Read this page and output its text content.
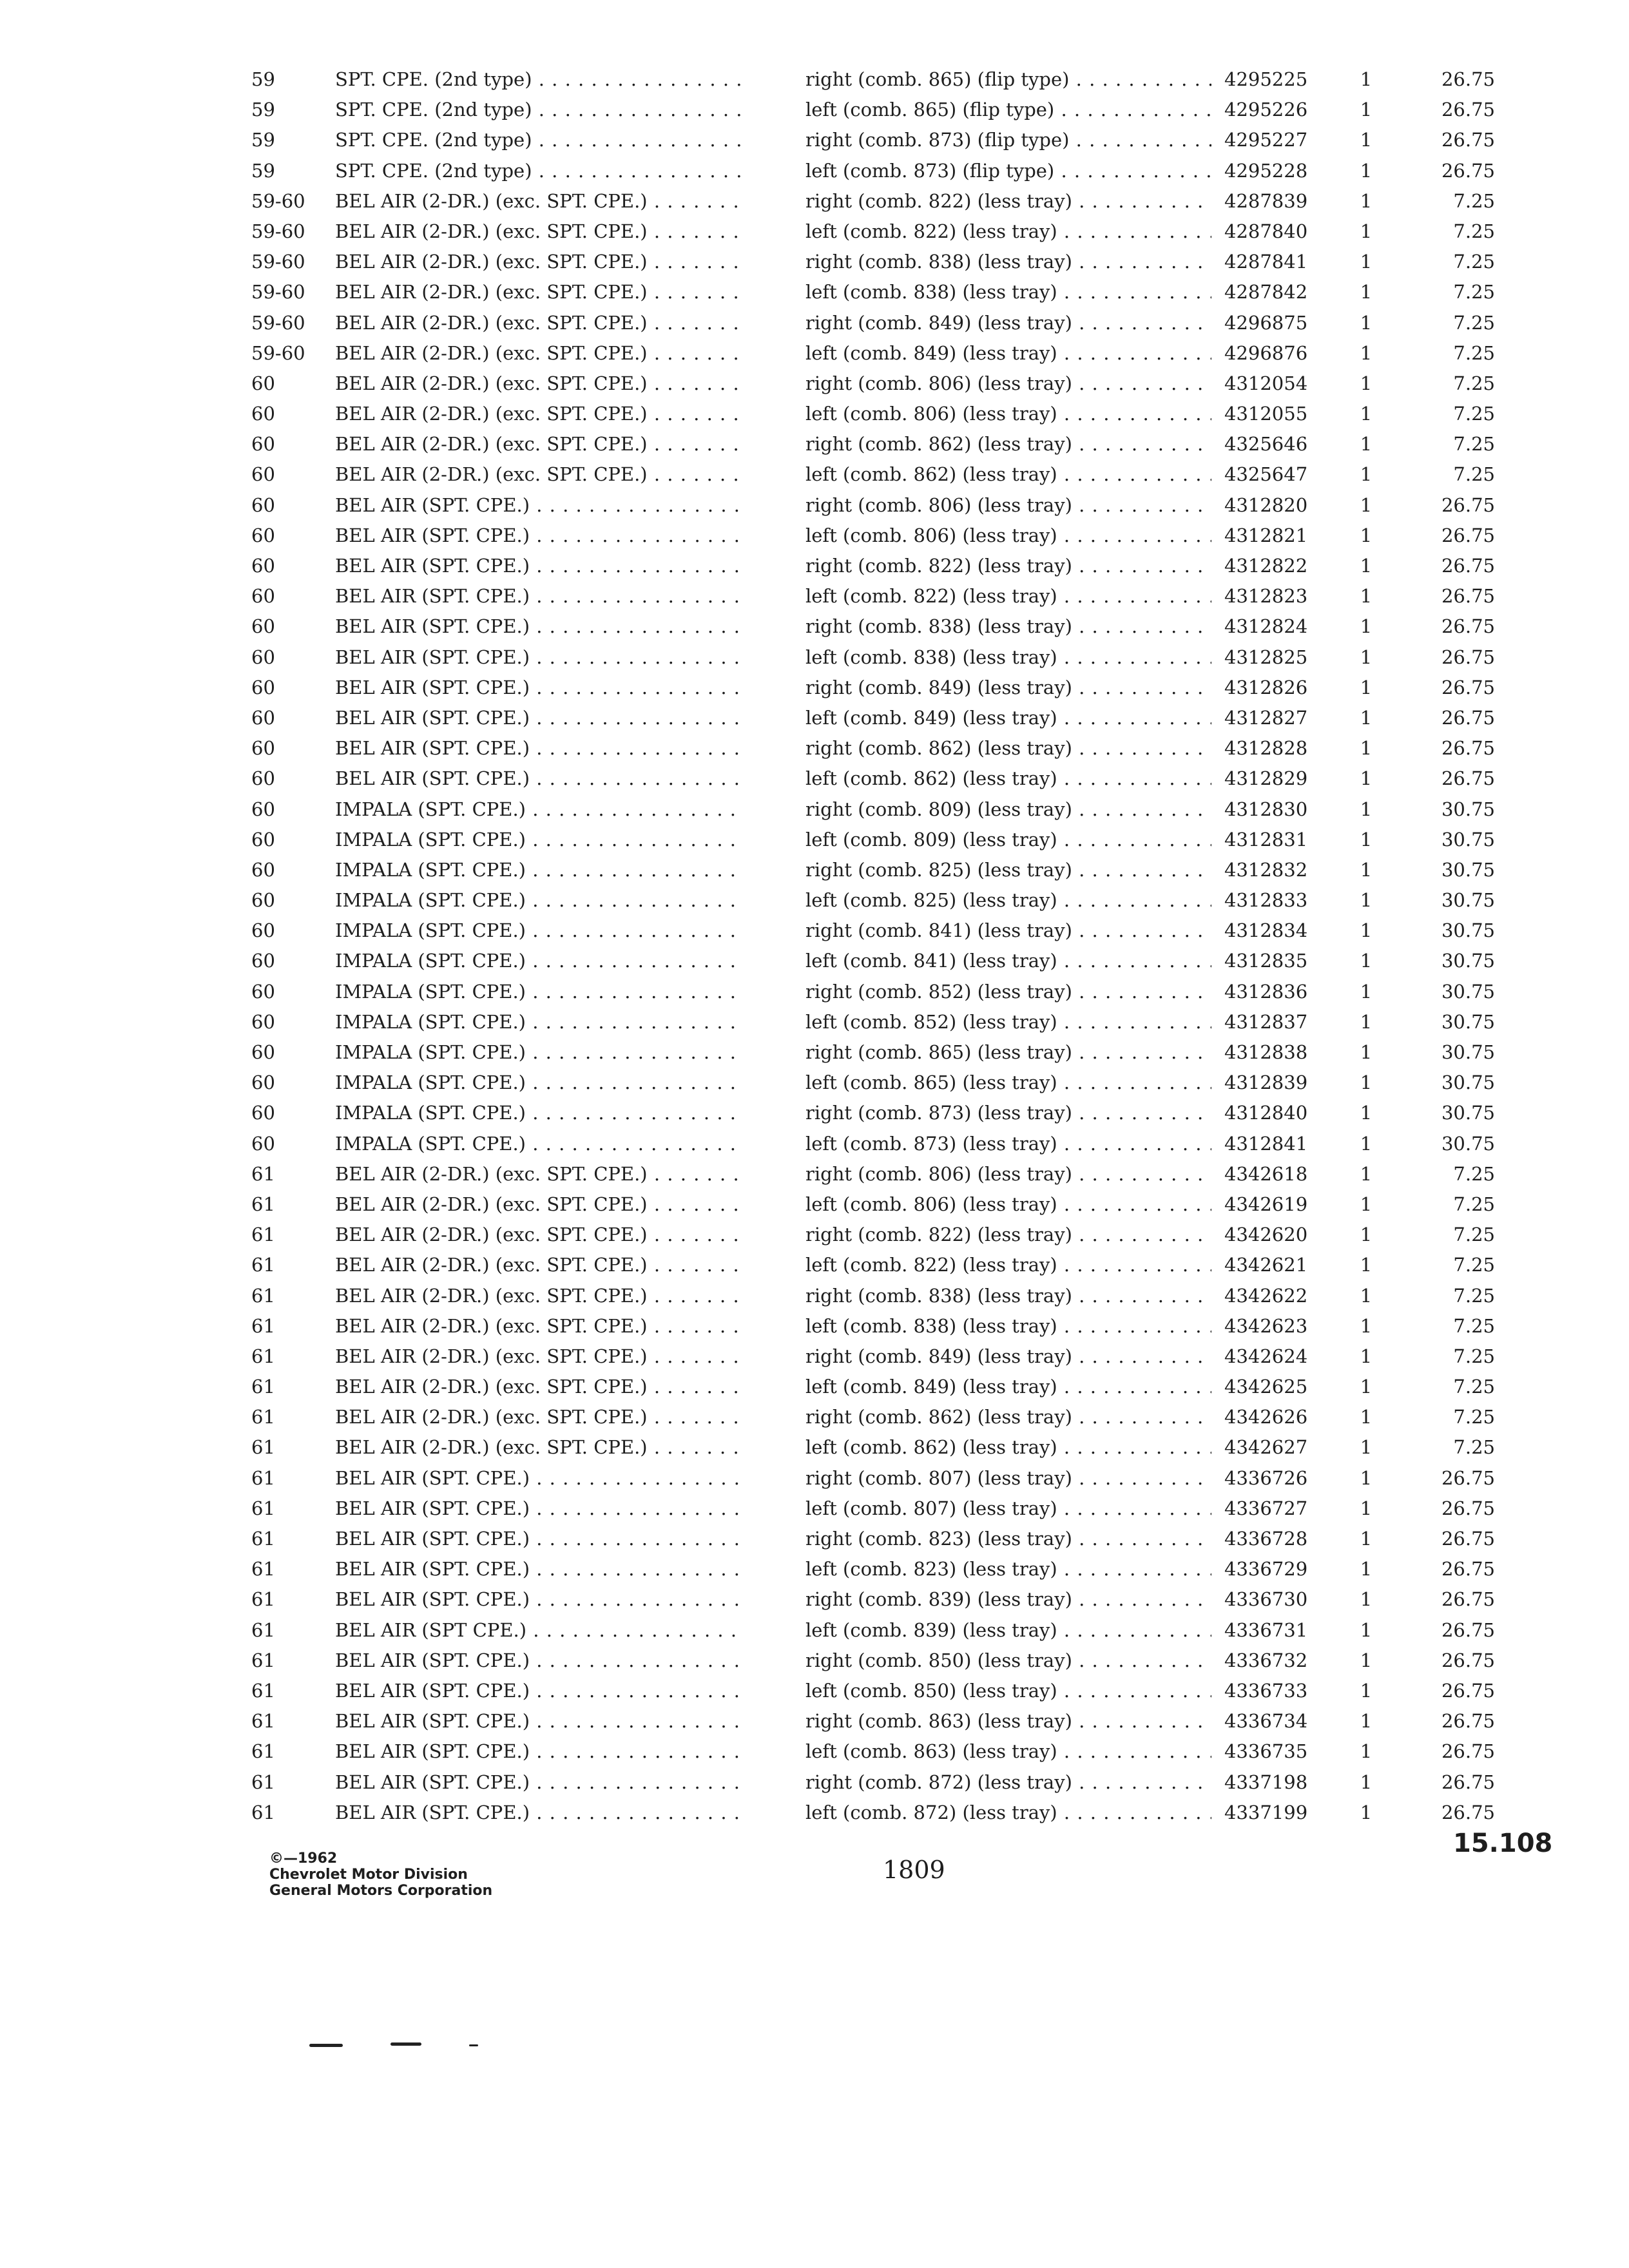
59	SPT. CPE. (2nd type) . . .	right (comb. 865) (flip type) . . .	4295225	1	26.75
59	SPT. CPE. (2nd type) . . .	left (comb. 865) (flip type) . . .	4295226	1	26.75
59	SPT. CPE. (2nd type) . . .	right (comb. 873) (flip type) . . .	4295227	1	26.75
59	SPT. CPE. (2nd type) . . .	left (comb. 873) (flip type) . . .	4295228	1	26.75
59-60	BEL AIR (2-DR.) (exc. SPT. CPE.) . . .	right (comb. 822) (less tray) . . .	4287839	1	7.25
59-60	BEL AIR (2-DR.) (exc. SPT. CPE.) . . .	left (comb. 822) (less tray) . . .	4287840	1	7.25
59-60	BEL AIR (2-DR.) (exc. SPT. CPE.) . . .	right (comb. 838) (less tray) . . .	4287841	1	7.25
59-60	BEL AIR (2-DR.) (exc. SPT. CPE.) . . .	left (comb. 838) (less tray) . . .	4287842	1	7.25
59-60	BEL AIR (2-DR.) (exc. SPT. CPE.) . . .	right (comb. 849) (less tray) . . .	4296875	1	7.25
59-60	BEL AIR (2-DR.) (exc. SPT. CPE.) . . .	left (comb. 849) (less tray) . . .	4296876	1	7.25
60	BEL AIR (2-DR.) (exc. SPT. CPE.) . . .	right (comb. 806) (less tray) . . .	4312054	1	7.25
60	BEL AIR (2-DR.) (exc. SPT. CPE.) . . .	left (comb. 806) (less tray) . . .	4312055	1	7.25
60	BEL AIR (2-DR.) (exc. SPT. CPE.) . . .	right (comb. 862) (less tray) . . .	4325646	1	7.25
60	BEL AIR (2-DR.) (exc. SPT. CPE.) . . .	left (comb. 862) (less tray) . . .	4325647	1	7.25
60	BEL AIR (SPT. CPE.) . . .	right (comb. 806) (less tray) . . .	4312820	1	26.75
60	BEL AIR (SPT. CPE.) . . .	left (comb. 806) (less tray) . . .	4312821	1	26.75
60	BEL AIR (SPT. CPE.) . . .	right (comb. 822) (less tray) . . .	4312822	1	26.75
60	BEL AIR (SPT. CPE.) . . .	left (comb. 822) (less tray) . . .	4312823	1	26.75
60	BEL AIR (SPT. CPE.) . . .	right (comb. 838) (less tray) . . .	4312824	1	26.75
60	BEL AIR (SPT. CPE.) . . .	left (comb. 838) (less tray) . . .	4312825	1	26.75
60	BEL AIR (SPT. CPE.) . . .	right (comb. 849) (less tray) . . .	4312826	1	26.75
60	BEL AIR (SPT. CPE.) . . .	left (comb. 849) (less tray) . . .	4312827	1	26.75
60	BEL AIR (SPT. CPE.) . . .	right (comb. 862) (less tray) . . .	4312828	1	26.75
60	BEL AIR (SPT. CPE.) . . .	left (comb. 862) (less tray) . . .	4312829	1	26.75
60	IMPALA (SPT. CPE.) . . .	right (comb. 809) (less tray) . . .	4312830	1	30.75
60	IMPALA (SPT. CPE.) . . .	left (comb. 809) (less tray) . . .	4312831	1	30.75
60	IMPALA (SPT. CPE.) . . .	right (comb. 825) (less tray) . . .	4312832	1	30.75
60	IMPALA (SPT. CPE.) . . .	left (comb. 825) (less tray) . . .	4312833	1	30.75
60	IMPALA (SPT. CPE.) . . .	right (comb. 841) (less tray) . . .	4312834	1	30.75
60	IMPALA (SPT. CPE.) . . .	left (comb. 841) (less tray) . . .	4312835	1	30.75
60	IMPALA (SPT. CPE.) . . .	right (comb. 852) (less tray) . . .	4312836	1	30.75
60	IMPALA (SPT. CPE.) . . .	left (comb. 852) (less tray) . . .	4312837	1	30.75
60	IMPALA (SPT. CPE.) . . .	right (comb. 865) (less tray) . . .	4312838	1	30.75
60	IMPALA (SPT. CPE.) . . .	left (comb. 865) (less tray) . . .	4312839	1	30.75
60	IMPALA (SPT. CPE.) . . .	right (comb. 873) (less tray) . . .	4312840	1	30.75
60	IMPALA (SPT. CPE.) . . .	left (comb. 873) (less tray) . . .	4312841	1	30.75
61	BEL AIR (2-DR.) (exc. SPT. CPE.) . . .	right (comb. 806) (less tray) . . .	4342618	1	7.25
61	BEL AIR (2-DR.) (exc. SPT. CPE.) . . .	left (comb. 806) (less tray) . . .	4342619	1	7.25
61	BEL AIR (2-DR.) (exc. SPT. CPE.) . . .	right (comb. 822) (less tray) . . .	4342620	1	7.25
61	BEL AIR (2-DR.) (exc. SPT. CPE.) . . .	left (comb. 822) (less tray) . . .	4342621	1	7.25
61	BEL AIR (2-DR.) (exc. SPT. CPE.) . . .	right (comb. 838) (less tray) . . .	4342622	1	7.25
61	BEL AIR (2-DR.) (exc. SPT. CPE.) . . .	left (comb. 838) (less tray) . . .	4342623	1	7.25
61	BEL AIR (2-DR.) (exc. SPT. CPE.) . . .	right (comb. 849) (less tray) . . .	4342624	1	7.25
61	BEL AIR (2-DR.) (exc. SPT. CPE.) . . .	left (comb. 849) (less tray) . . .	4342625	1	7.25
61	BEL AIR (2-DR.) (exc. SPT. CPE.) . . .	right (comb. 862) (less tray) . . .	4342626	1	7.25
61	BEL AIR (2-DR.) (exc. SPT. CPE.) . . .	left (comb. 862) (less tray) . . .	4342627	1	7.25
61	BEL AIR (SPT. CPE.) . . .	right (comb. 807) (less tray) . . .	4336726	1	26.75
61	BEL AIR (SPT. CPE.) . . .	left (comb. 807) (less tray) . . .	4336727	1	26.75
61	BEL AIR (SPT. CPE.) . . .	right (comb. 823) (less tray) . . .	4336728	1	26.75
61	BEL AIR (SPT. CPE.) . . .	left (comb. 823) (less tray) . . .	4336729	1	26.75
61	BEL AIR (SPT. CPE.) . . .	right (comb. 839) (less tray) . . .	4336730	1	26.75
61	BEL AIR (SPT CPE.) . . .	left (comb. 839) (less tray) . . .	4336731	1	26.75
61	BEL AIR (SPT. CPE.) . . .	right (comb. 850) (less tray) . . .	4336732	1	26.75
61	BEL AIR (SPT. CPE.) . . .	left (comb. 850) (less tray) . . .	4336733	1	26.75
61	BEL AIR (SPT. CPE.) . . .	right (comb. 863) (less tray) . . .	4336734	1	26.75
61	BEL AIR (SPT. CPE.) . . .	left (comb. 863) (less tray) . . .	4336735	1	26.75
61	BEL AIR (SPT. CPE.) . . .	right (comb. 872) (less tray) . . .	4337198	1	26.75
61	BEL AIR (SPT. CPE.) . . .	left (comb. 872) (less tray) . . .	4337199	1	26.75
©—1962
Chevrolet Motor Division
General Motors Corporation
1809
15.108
